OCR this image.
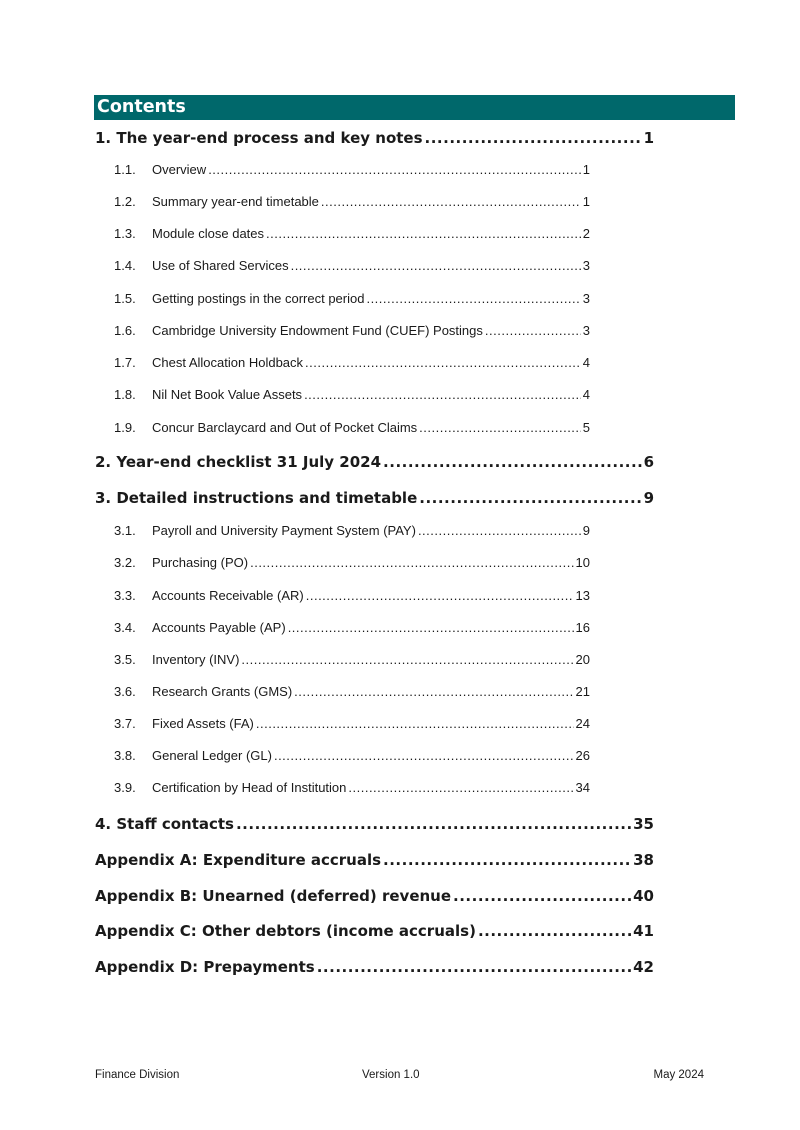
Contents
1. The year-end process and key notes .....	1
1.1.	Overview .....	1
1.2.	Summary year-end timetable .....	1
1.3.	Module close dates .....	2
1.4.	Use of Shared Services .....	3
1.5.	Getting postings in the correct period .....	3
1.6.	Cambridge University Endowment Fund (CUEF) Postings .....	3
1.7.	Chest Allocation Holdback .....	4
1.8.	Nil Net Book Value Assets .....	4
1.9.	Concur Barclaycard and Out of Pocket Claims .....	5
2. Year-end checklist 31 July 2024 .....	6
3. Detailed instructions and timetable .....	9
3.1.	Payroll and University Payment System (PAY) .....	9
3.2.	Purchasing (PO) .....	10
3.3.	Accounts Receivable (AR) .....	13
3.4.	Accounts Payable (AP) .....	16
3.5.	Inventory (INV) .....	20
3.6.	Research Grants (GMS) .....	21
3.7.	Fixed Assets (FA) .....	24
3.8.	General Ledger (GL) .....	26
3.9.	Certification by Head of Institution .....	34
4. Staff contacts .....	35
Appendix A: Expenditure accruals .....	38
Appendix B: Unearned (deferred) revenue .....	40
Appendix C: Other debtors (income accruals) .....	41
Appendix D: Prepayments .....	42
Finance Division	Version 1.0	May 2024
